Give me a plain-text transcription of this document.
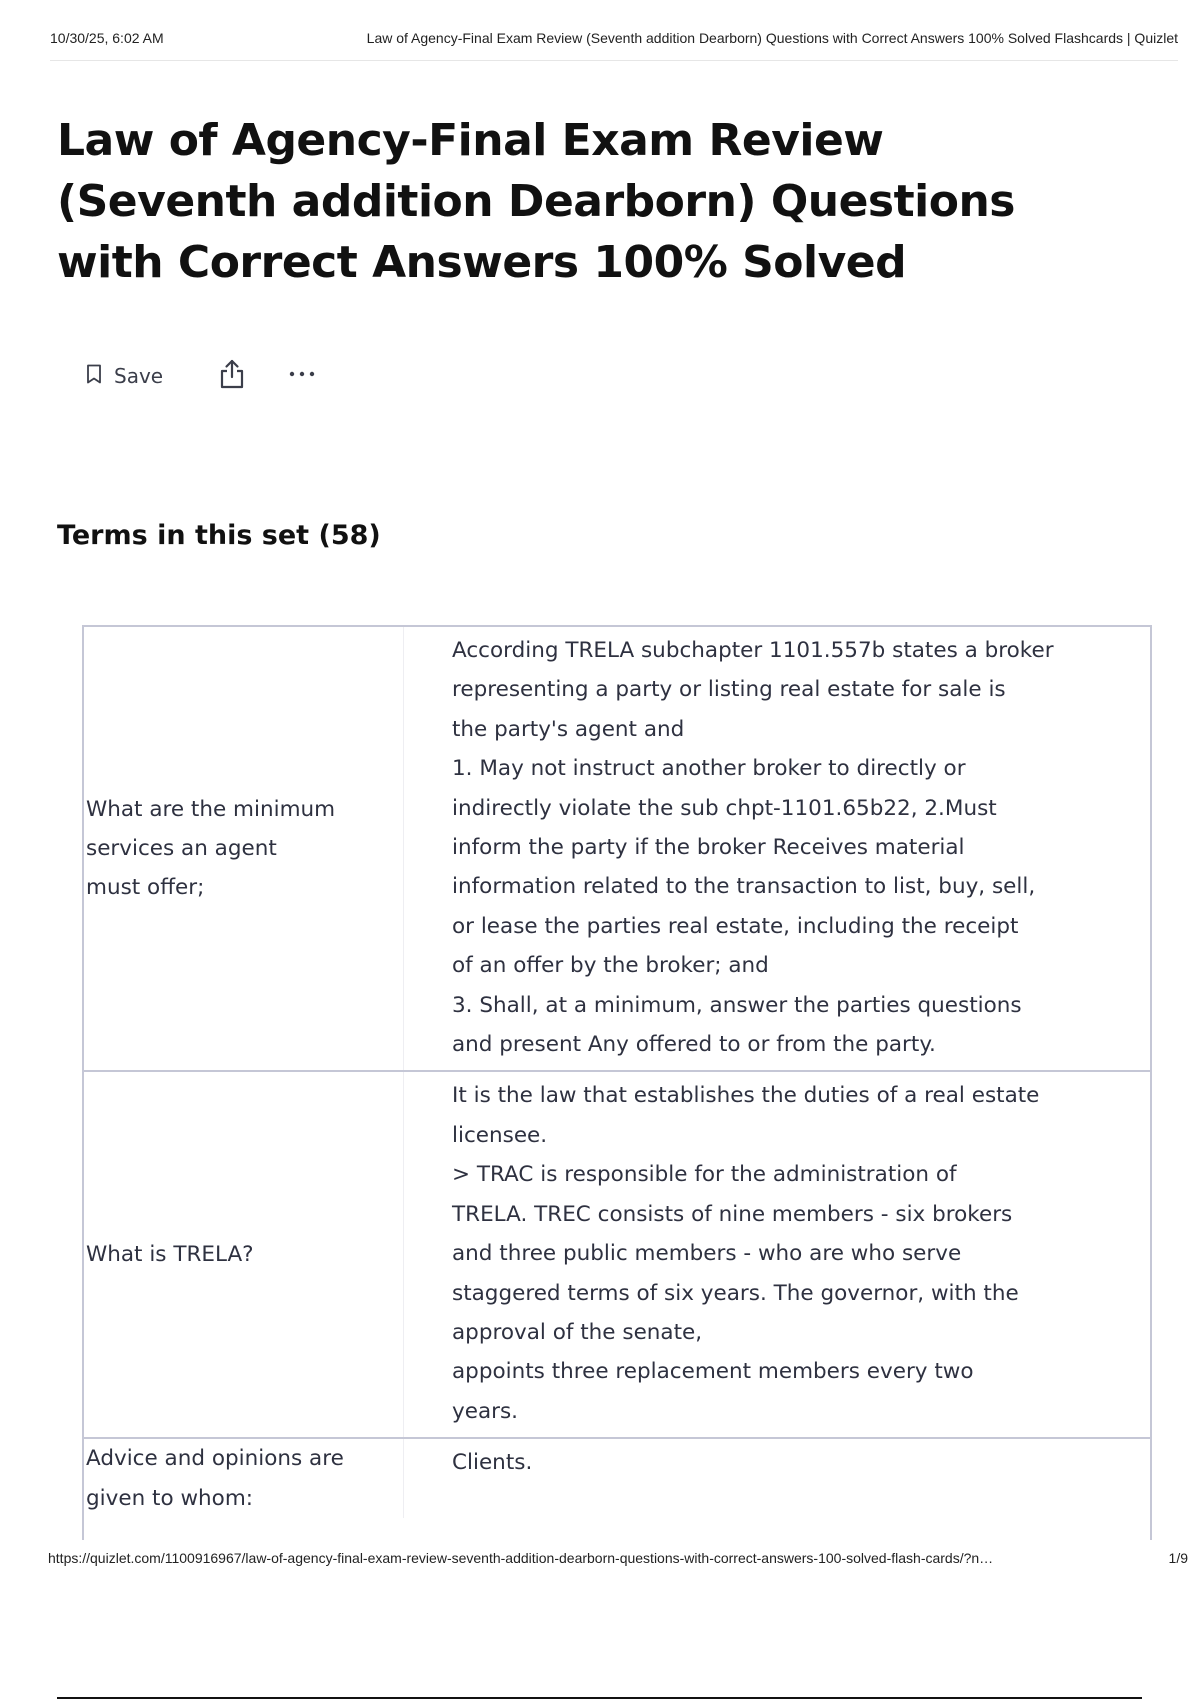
10/30/25, 6:02 AM	Law of Agency-Final Exam Review (Seventh addition Dearborn) Questions with Correct Answers 100% Solved Flashcards | Quizlet
Law of Agency-Final Exam Review (Seventh addition Dearborn) Questions with Correct Answers 100% Solved
Save
Terms in this set (58)
What are the minimum
services an agent
must offer;
According TRELA subchapter 1101.557b states a broker
representing a party or listing real estate for sale is
the party's agent and
1. May not instruct another broker to directly or
indirectly violate the sub chpt-1101.65b22, 2.Must
inform the party if the broker Receives material
information related to the transaction to list, buy, sell,
or lease the parties real estate, including the receipt
of an offer by the broker; and
3. Shall, at a minimum, answer the parties questions
and present Any offered to or from the party.
What is TRELA?
It is the law that establishes the duties of a real estate
licensee.
> TRAC is responsible for the administration of
TRELA. TREC consists of nine members - six brokers
and three public members - who are who serve
staggered terms of six years. The governor, with the
approval of the senate,
appoints three replacement members every two
years.
Advice and opinions are
given to whom:
Clients.
https://quizlet.com/1100916967/law-of-agency-final-exam-review-seventh-addition-dearborn-questions-with-correct-answers-100-solved-flash-cards/?n…	1/9
